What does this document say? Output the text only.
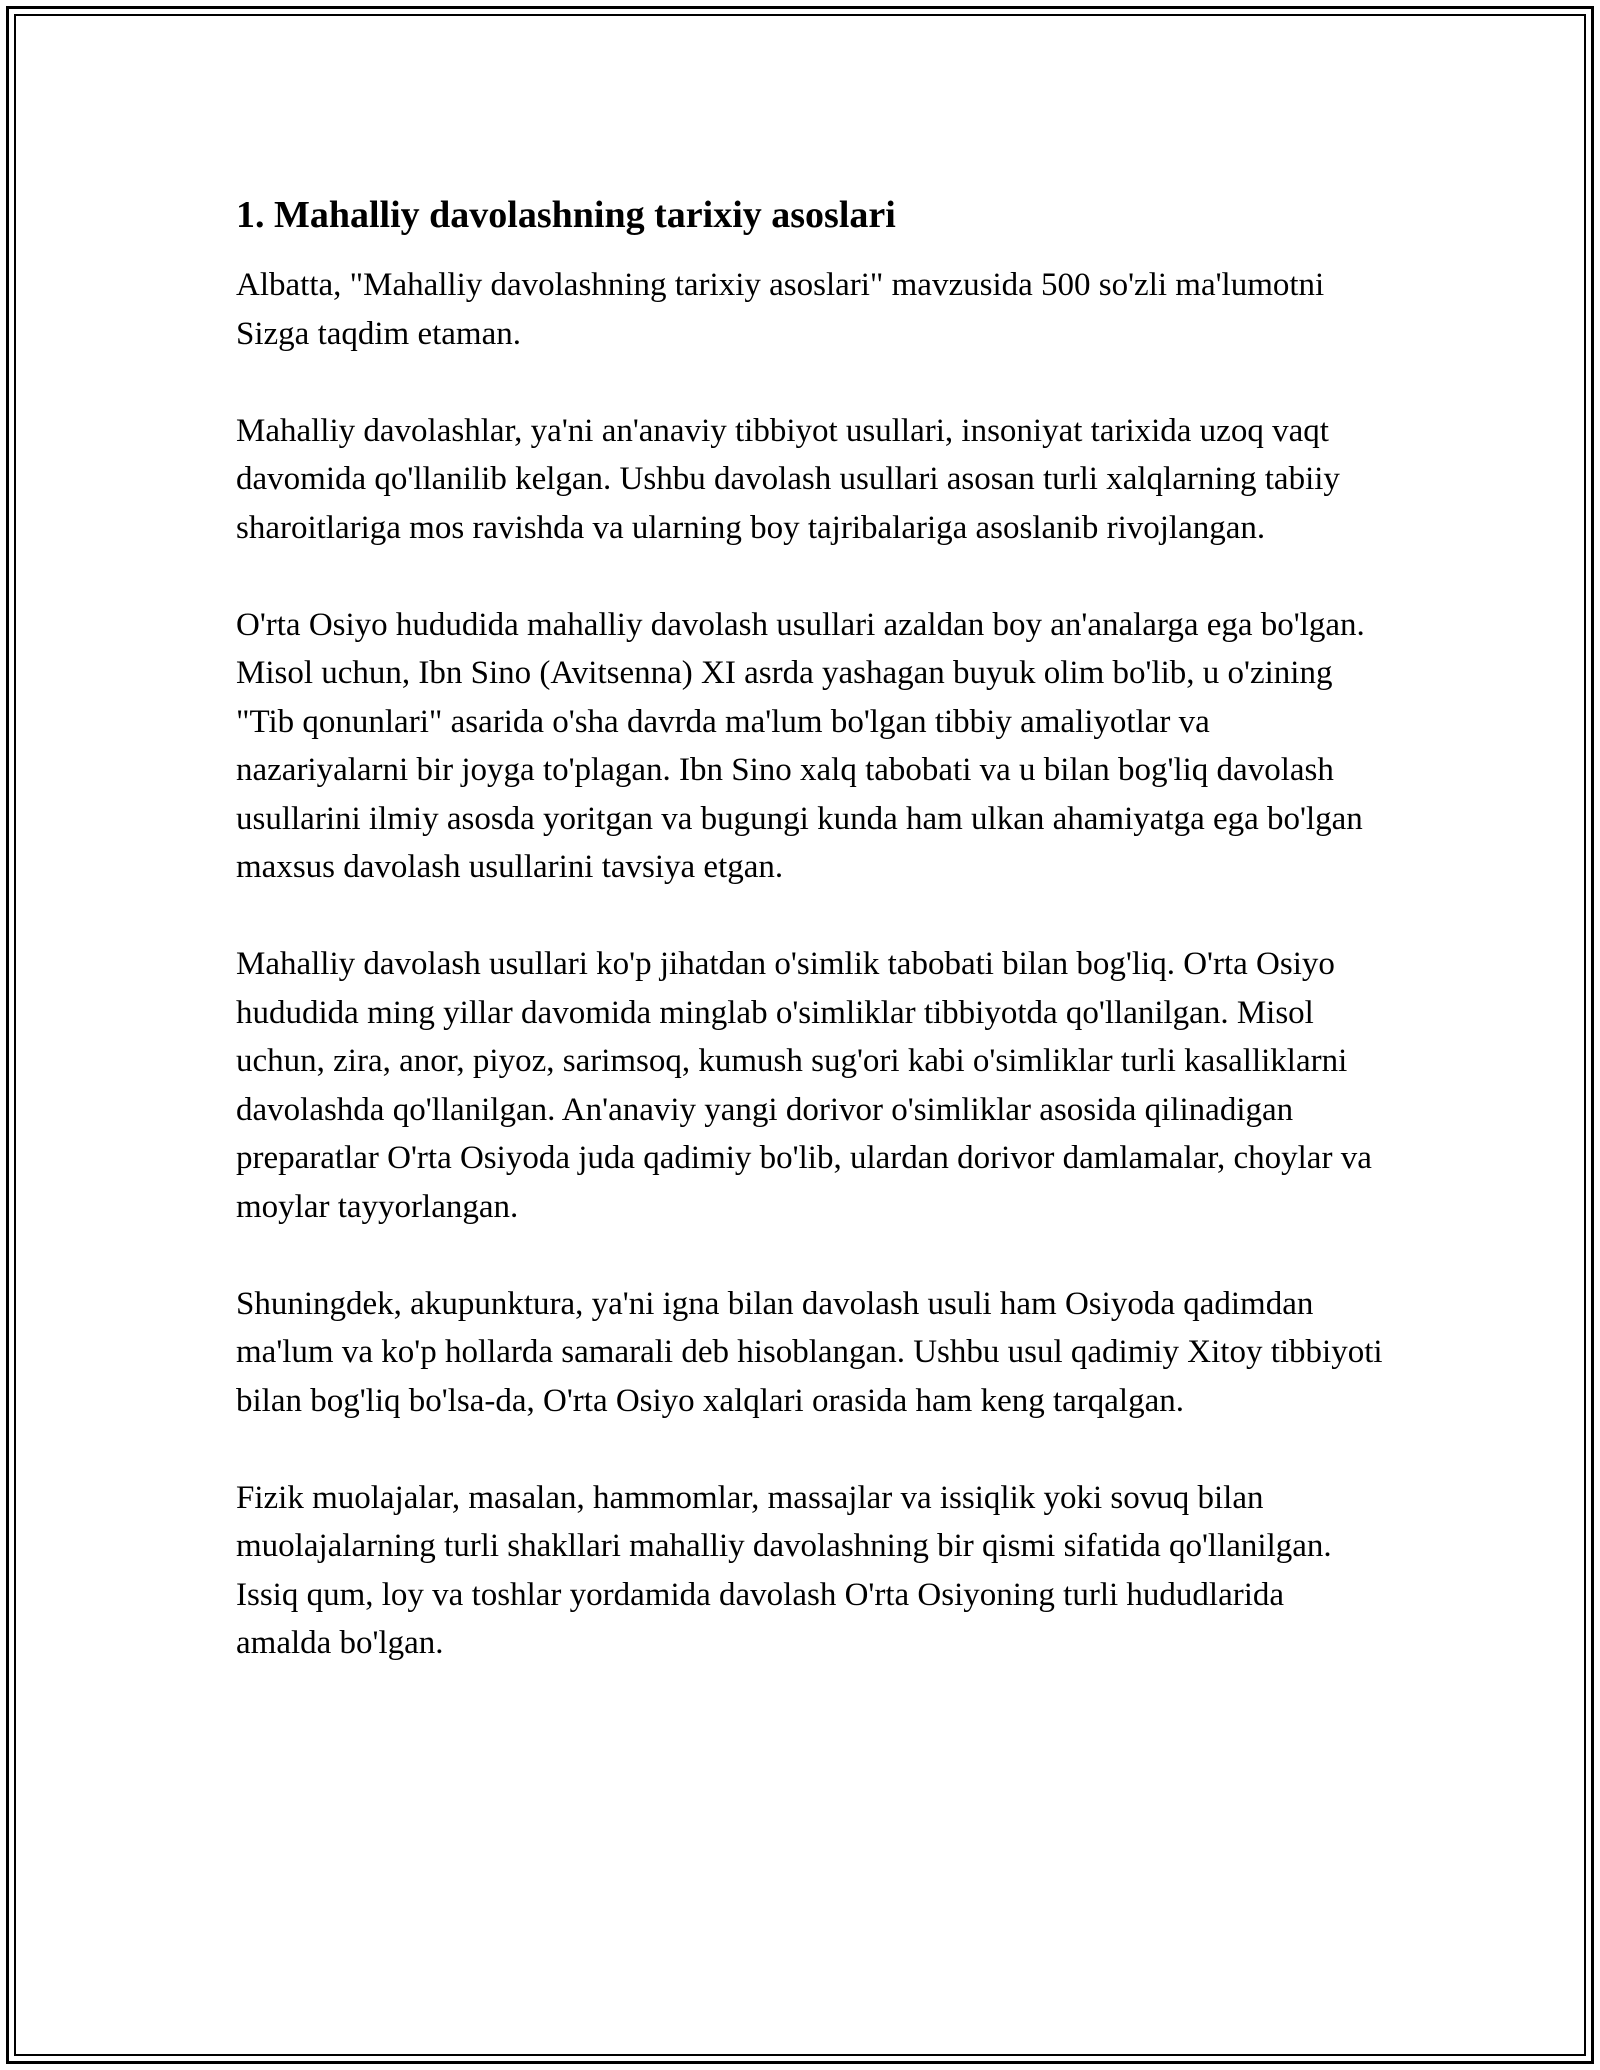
1. Mahalliy davolashning tarixiy asoslari

Albatta, "Mahalliy davolashning tarixiy asoslari" mavzusida 500 so'zli ma'lumotni Sizga taqdim etaman.

Mahalliy davolashlar, ya'ni an'anaviy tibbiyot usullari, insoniyat tarixida uzoq vaqt davomida qo'llanilib kelgan. Ushbu davolash usullari asosan turli xalqlarning tabiiy sharoitlariga mos ravishda va ularning boy tajribalariga asoslanib rivojlangan.

O'rta Osiyo hududida mahalliy davolash usullari azaldan boy an'analarga ega bo'lgan. Misol uchun, Ibn Sino (Avitsenna) XI asrda yashagan buyuk olim bo'lib, u o'zining "Tib qonunlari" asarida o'sha davrda ma'lum bo'lgan tibbiy amaliyotlar va nazariyalarni bir joyga to'plagan. Ibn Sino xalq tabobati va u bilan bog'liq davolash usullarini ilmiy asosda yoritgan va bugungi kunda ham ulkan ahamiyatga ega bo'lgan maxsus davolash usullarini tavsiya etgan.

Mahalliy davolash usullari ko'p jihatdan o'simlik tabobati bilan bog'liq. O'rta Osiyo hududida ming yillar davomida minglab o'simliklar tibbiyotda qo'llanilgan. Misol uchun, zira, anor, piyoz, sarimsoq, kumush sug'ori kabi o'simliklar turli kasalliklarni davolashda qo'llanilgan. An'anaviy yangi dorivor o'simliklar asosida qilinadigan preparatlar O'rta Osiyoda juda qadimiy bo'lib, ulardan dorivor damlamalar, choylar va moylar tayyorlangan.

Shuningdek, akupunktura, ya'ni igna bilan davolash usuli ham Osiyoda qadimdan ma'lum va ko'p hollarda samarali deb hisoblangan. Ushbu usul qadimiy Xitoy tibbiyoti bilan bog'liq bo'lsa-da, O'rta Osiyo xalqlari orasida ham keng tarqalgan.

Fizik muolajalar, masalan, hammomlar, massajlar va issiqlik yoki sovuq bilan muolajalarning turli shakllari mahalliy davolashning bir qismi sifatida qo'llanilgan. Issiq qum, loy va toshlar yordamida davolash O'rta Osiyoning turli hududlarida amalda bo'lgan.
